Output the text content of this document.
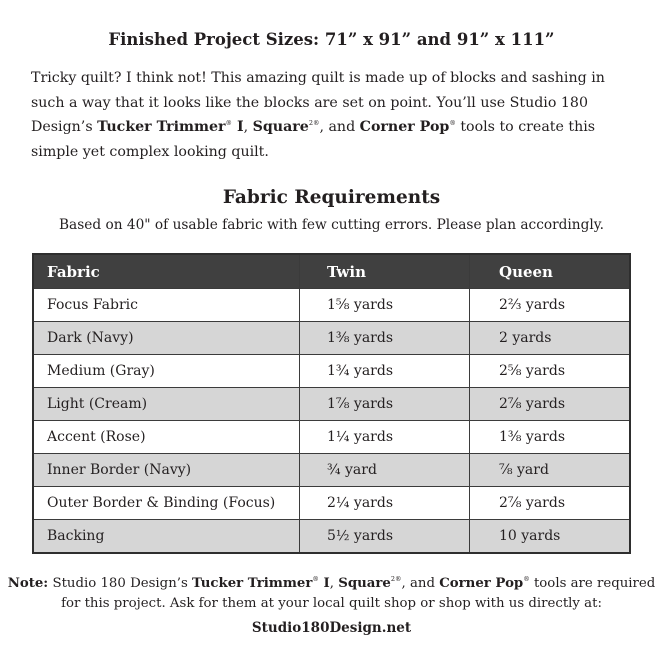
Finished Project Sizes: 71” x 91” and 91” x 111”
Tricky quilt? I think not! This amazing quilt is made up of blocks and sashing in such a way that it looks like the blocks are set on point. You’ll use Studio 180 Design’s Tucker Trimmer® I, Square$^{2®}$, and Corner Pop® tools to create this simple yet complex looking quilt.
Fabric Requirements
Based on 40" of usable fabric with few cutting errors. Please plan accordingly.
Fabric	Twin	Queen
Focus Fabric	1⅝ yards	2⅔ yards
Dark (Navy)	1⅜ yards	2 yards
Medium (Gray)	1¾ yards	2⅝ yards
Light (Cream)	1⅞ yards	2⅞ yards
Accent (Rose)	1¼ yards	1⅜ yards
Inner Border (Navy)	¾ yard	⅞ yard
Outer Border & Binding (Focus)	2¼ yards	2⅞ yards
Backing	5½ yards	10 yards
Note: Studio 180 Design’s Tucker Trimmer® I, Square$^{2®}$, and Corner Pop® tools are required for this project. Ask for them at your local quilt shop or shop with us directly at:
Studio180Design.net
